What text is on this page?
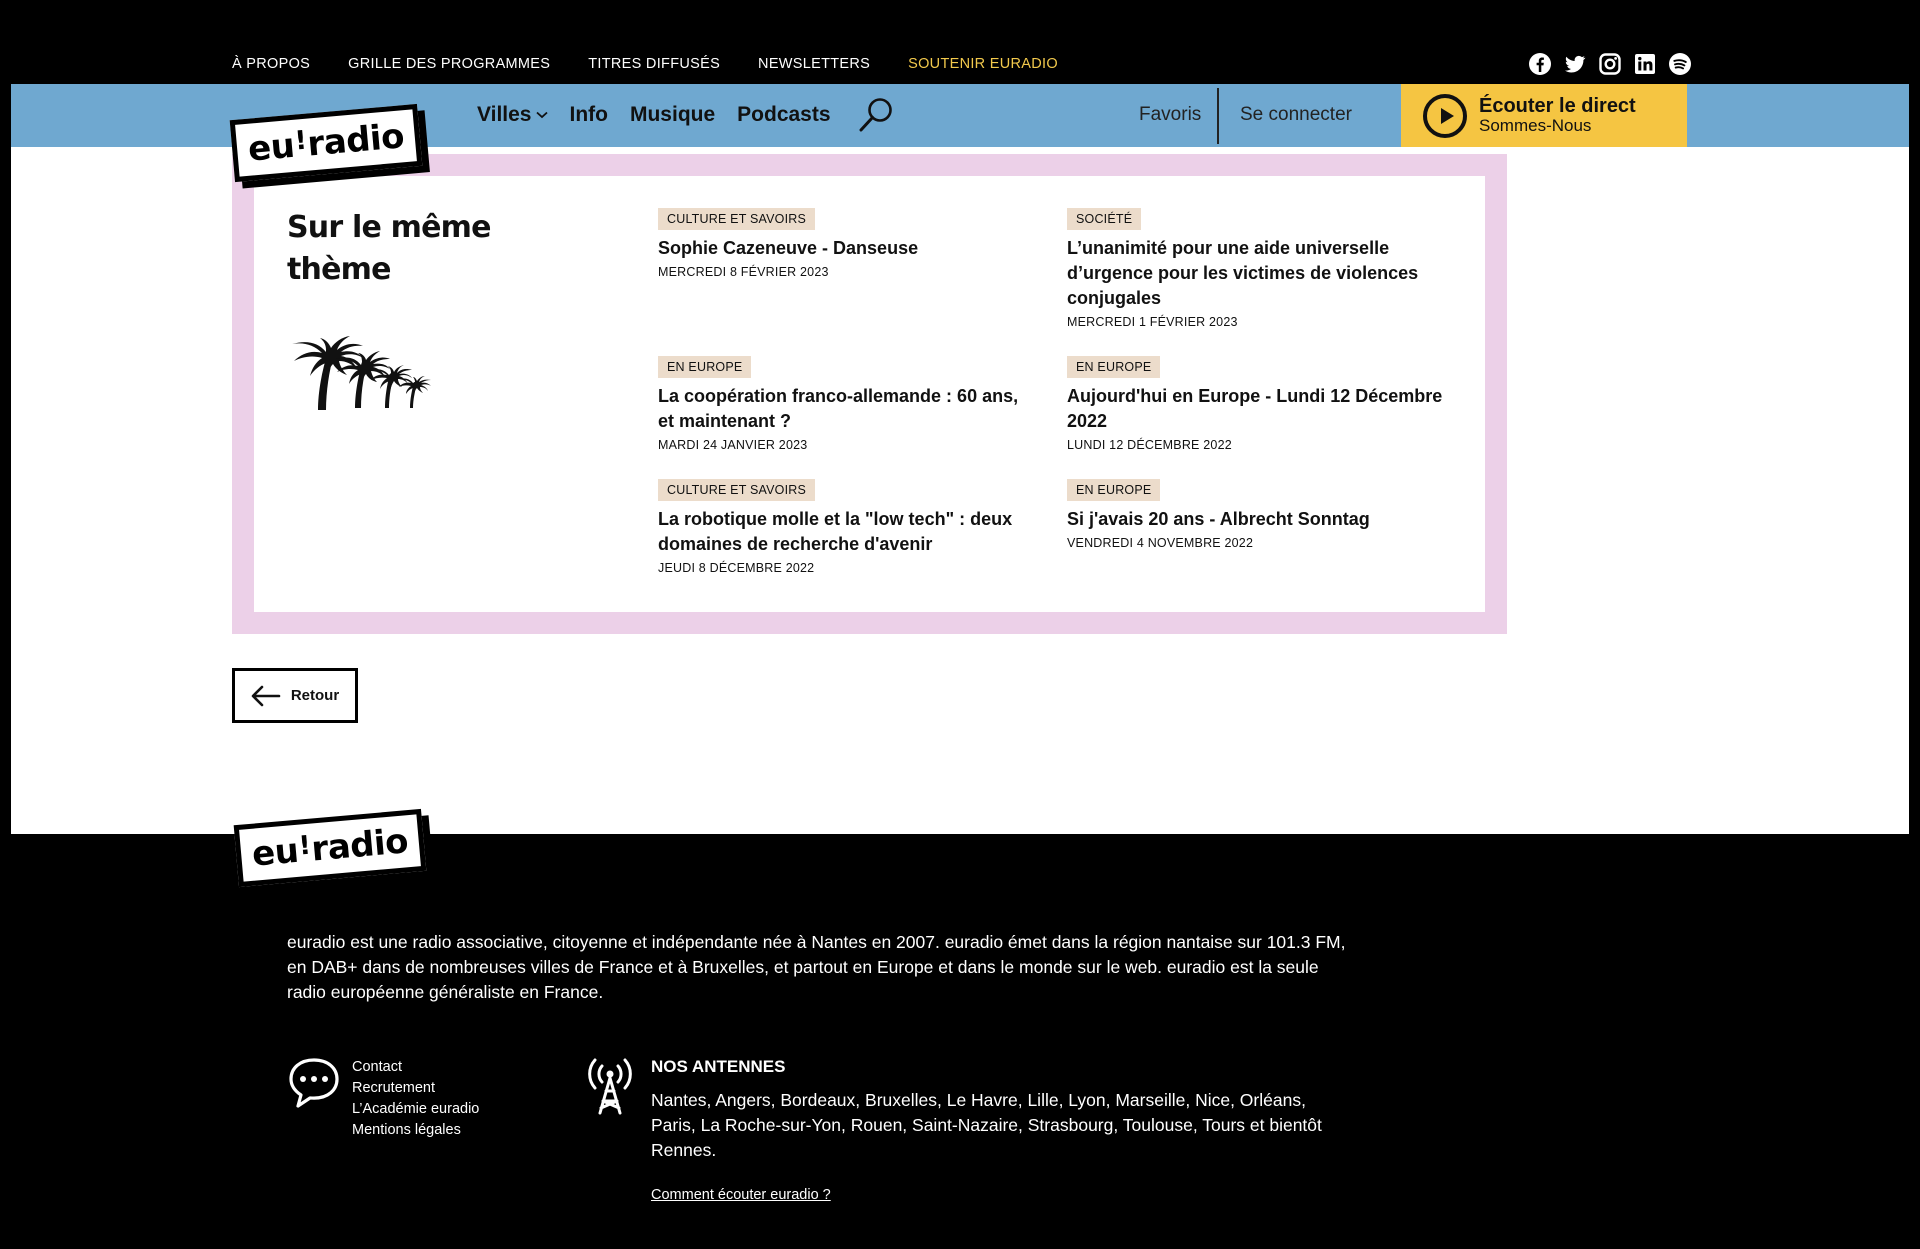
À PROPOS	GRILLE DES PROGRAMMES	TITRES DIFFUSÉS	NEWSLETTERS	SOUTENIR EURADIO
Villes Info Musique Podcasts	Favoris Se connecter	Écouter le direct
Sommes-Nous
eu
!
radio
Sur le même thème
CULTURE ET SAVOIRS
Sophie Cazeneuve - Danseuse
MERCREDI 8 FÉVRIER 2023
SOCIÉTÉ
L’unanimité pour une aide universelle d’urgence pour les victimes de violences conjugales
MERCREDI 1 FÉVRIER 2023
EN EUROPE
La coopération franco-allemande : 60 ans, et maintenant ?
MARDI 24 JANVIER 2023
EN EUROPE
Aujourd'hui en Europe - Lundi 12 Décembre 2022
LUNDI 12 DÉCEMBRE 2022
CULTURE ET SAVOIRS
La robotique molle et la "low tech" : deux domaines de recherche d'avenir
JEUDI 8 DÉCEMBRE 2022
EN EUROPE
Si j'avais 20 ans - Albrecht Sonntag
VENDREDI 4 NOVEMBRE 2022
Retour
eu
!
radio

euradio est une radio associative, citoyenne et indépendante née à Nantes en 2007. euradio émet dans la région nantaise sur 101.3 FM, en DAB+ dans de nombreuses villes de France et à Bruxelles, et partout en Europe et dans le monde sur le web. euradio est la seule radio européenne généraliste en France.

Contact
Recrutement
L’Académie euradio
Mentions légales
NOS ANTENNES

Nantes, Angers, Bordeaux, Bruxelles, Le Havre, Lille, Lyon, Marseille, Nice, Orléans, Paris, La Roche-sur-Yon, Rouen, Saint-Nazaire, Strasbourg, Toulouse, Tours et bientôt Rennes.

Comment écouter euradio ?
